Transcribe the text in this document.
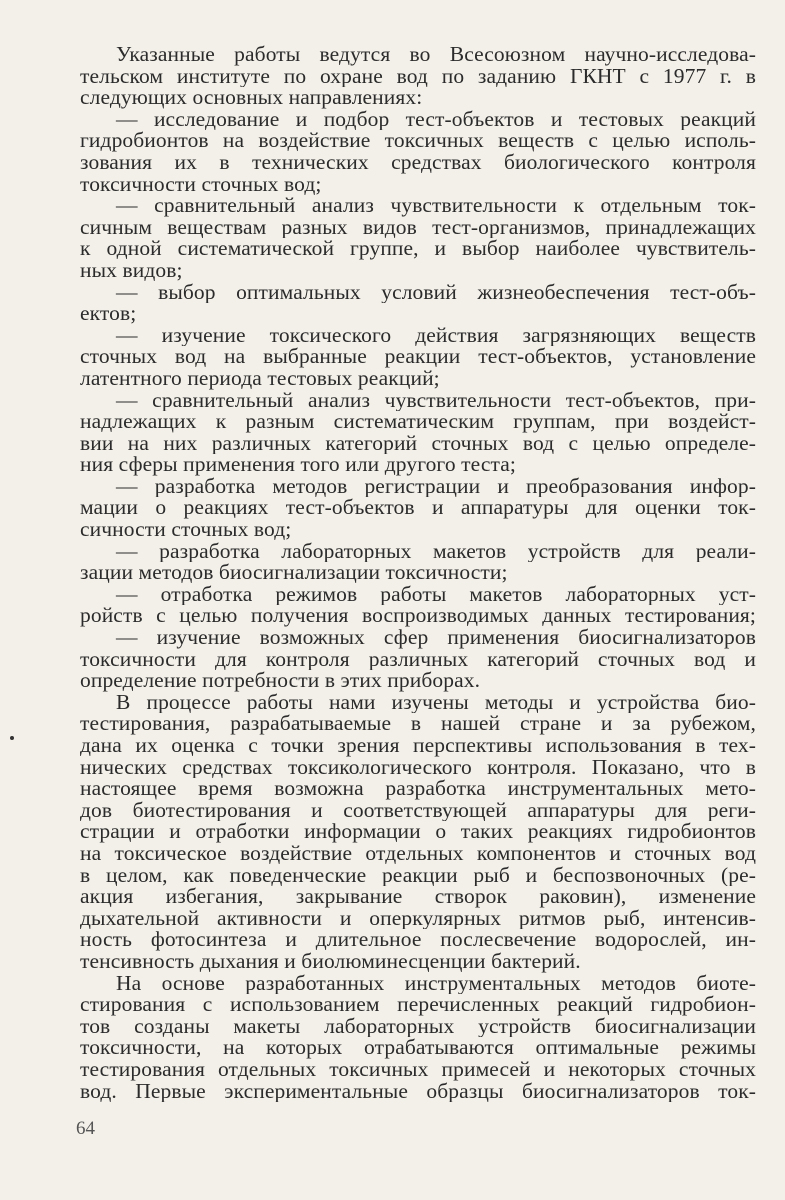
Указанные работы ведутся во Всесоюзном научно-исследова-
тельском институте по охране вод по заданию ГКНТ с 1977 г. в
следующих основных направлениях:
— исследование и подбор тест-объектов и тестовых реакций
гидробионтов на воздействие токсичных веществ с целью исполь-
зования их в технических средствах биологического контроля
токсичности сточных вод;
— сравнительный анализ чувствительности к отдельным ток-
сичным веществам разных видов тест-организмов, принадлежащих
к одной систематической группе, и выбор наиболее чувствитель-
ных видов;
— выбор оптимальных условий жизнеобеспечения тест-объ-
ектов;
— изучение токсического действия загрязняющих веществ
сточных вод на выбранные реакции тест-объектов, установление
латентного периода тестовых реакций;
— сравнительный анализ чувствительности тест-объектов, при-
надлежащих к разным систематическим группам, при воздейст-
вии на них различных категорий сточных вод с целью определе-
ния сферы применения того или другого теста;
— разработка методов регистрации и преобразования инфор-
мации о реакциях тест-объектов и аппаратуры для оценки ток-
сичности сточных вод;
— разработка лабораторных макетов устройств для реали-
зации методов биосигнализации токсичности;
— отработка режимов работы макетов лабораторных уст-
ройств с целью получения воспроизводимых данных тестирования;
— изучение возможных сфер применения биосигнализаторов
токсичности для контроля различных категорий сточных вод и
определение потребности в этих приборах.
В процессе работы нами изучены методы и устройства био-
тестирования, разрабатываемые в нашей стране и за рубежом,
дана их оценка с точки зрения перспективы использования в тех-
нических средствах токсикологического контроля. Показано, что в
настоящее время возможна разработка инструментальных мето-
дов биотестирования и соответствующей аппаратуры для реги-
страции и отработки информации о таких реакциях гидробионтов
на токсическое воздействие отдельных компонентов и сточных вод
в целом, как поведенческие реакции рыб и беспозвоночных (ре-
акция избегания, закрывание створок раковин), изменение
дыхательной активности и оперкулярных ритмов рыб, интенсив-
ность фотосинтеза и длительное послесвечение водорослей, ин-
тенсивность дыхания и биолюминесценции бактерий.
На основе разработанных инструментальных методов биоте-
стирования с использованием перечисленных реакций гидробион-
тов созданы макеты лабораторных устройств биосигнализации
токсичности, на которых отрабатываются оптимальные режимы
тестирования отдельных токсичных примесей и некоторых сточных
вод. Первые экспериментальные образцы биосигнализаторов ток-
64
